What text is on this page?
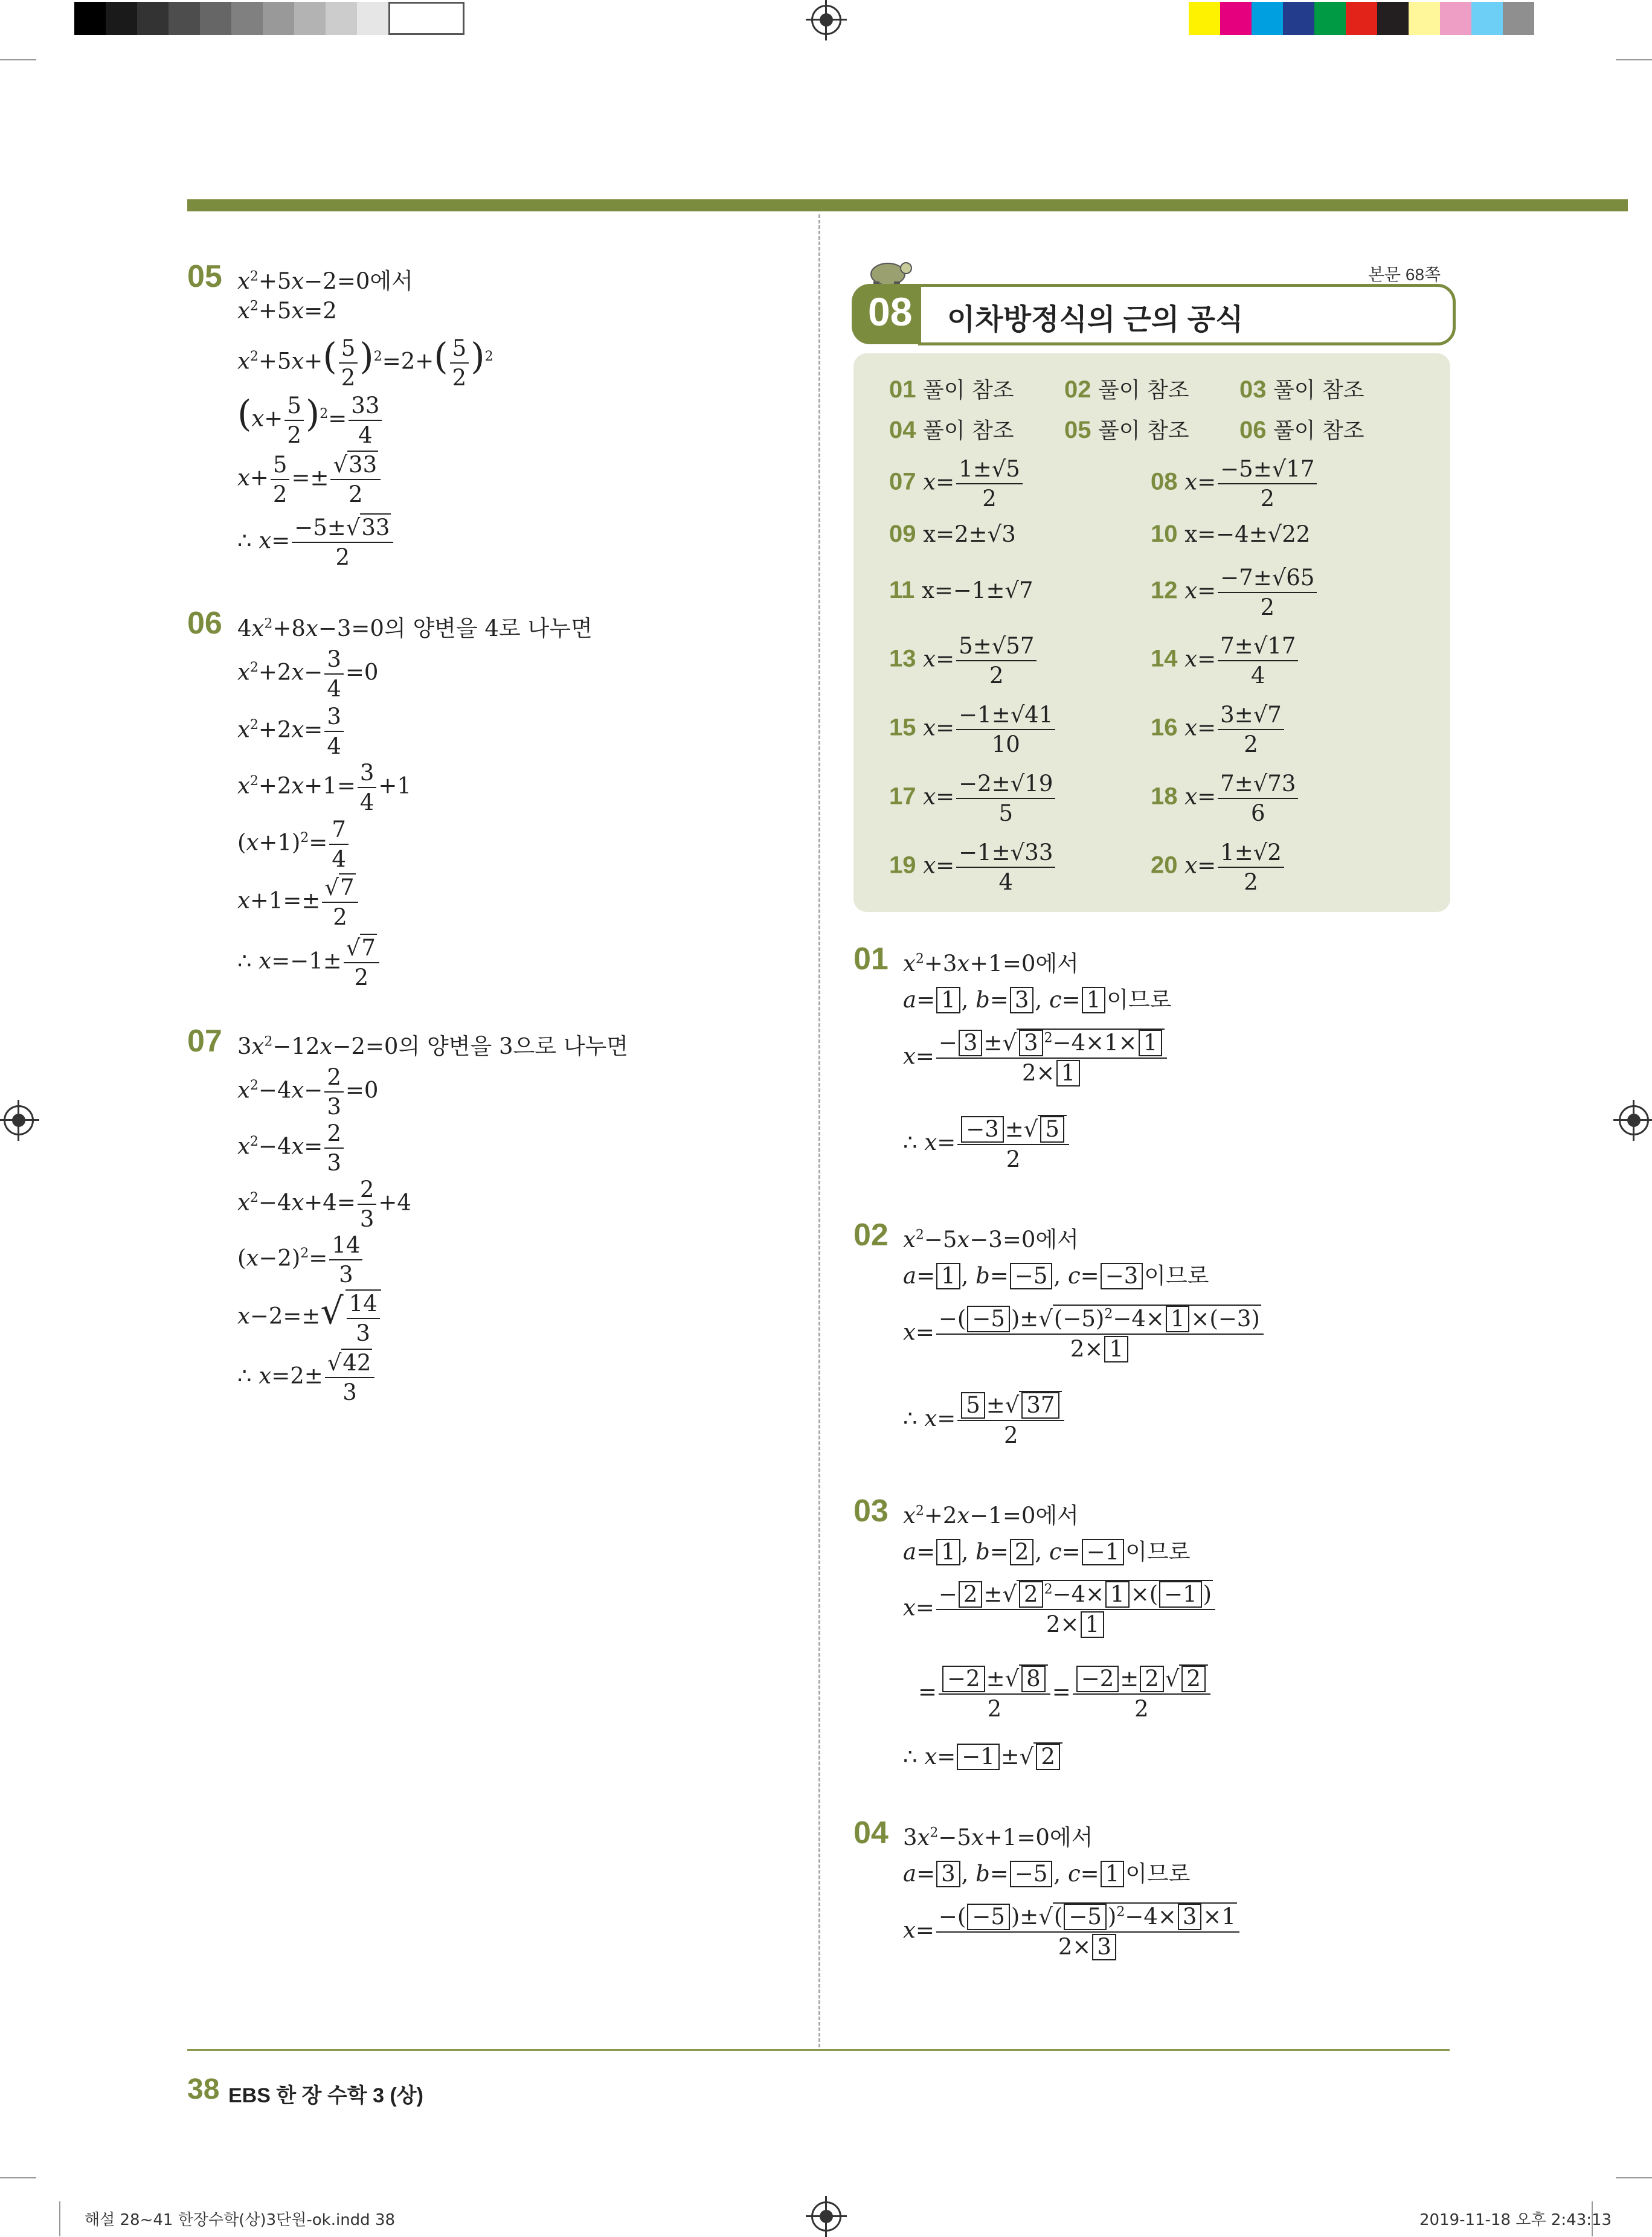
05 $x^2+5x-2=0$에서
$x^2+5x=2$
$x^2+5x+( \frac{5}{2} )^2=2+( \frac{5}{2} )^2$
$(x+ \frac{5}{2} )^2= \frac{33}{4}$
$x+ \frac{5}{2} =\pm \frac{√33}{2}$
∴ $x= \frac{-5\pm√33}{2}$
06 $4x^2+8x-3=0$의 양변을 4로 나누면
$x^2+2x- \frac{3}{4} =0$
$x^2+2x= \frac{3}{4}$
$x^2+2x+1= \frac{3}{4} +1$
$(x+1)^2= \frac{7}{4}$
$x+1=\pm \frac{√7}{2}$
∴ $x=-1\pm \frac{√7}{2}$
07 $3x^2-12x-2=0$의 양변을 3으로 나누면
$x^2-4x- \frac{2}{3} =0$
$x^2-4x= \frac{2}{3}$
$x^2-4x+4= \frac{2}{3} +4$
$(x-2)^2= \frac{14}{3}$
$x-2=\pm√ \frac{14}{3}$
∴ $x=2\pm \frac{√42}{3}$
본문 68쪽
08 이차방정식의 근의 공식
01 풀이 참조 02 풀이 참조 03 풀이 참조
04 풀이 참조 05 풀이 참조 06 풀이 참조
07 $x= \frac{1\pm√5}{2}$	08 $x= \frac{-5\pm√17}{2}$
09 x=2±√3	10 x=−4±√22
11 x=−1±√7	12 $x= \frac{-7\pm√65}{2}$
13 $x= \frac{5\pm√57}{2}$	14 $x= \frac{7\pm√17}{4}$
15 $x= \frac{-1\pm√41}{10}$	16 $x= \frac{3\pm√7}{2}$
17 $x= \frac{-2\pm√19}{5}$	18 $x= \frac{7\pm√73}{6}$
19 $x= \frac{-1\pm√33}{4}$	20 $x= \frac{1\pm√2}{2}$
01 $x^2+3x+1=0$에서
a= 1 , b= 3 , c= 1 이므로
$x= \frac{- 3 \pm√ 3 ^2-4\times 1\times 1}{2\times 1}$
∴ $x= \frac{-3 \pm√ 5}{2}$
02 $x^2-5x-3=0$에서
a= 1 , b= −5 , c= −3 이므로
$x= \frac{-( -5 )\pm√(-5)^2-4\times 1 \times(-3)}{2\times 1}$
∴ $x= \frac{5 \pm√ 37}{2}$
03 $x^2+2x-1=0$에서
a= 1 , b= 2 , c= −1 이므로
$x= \frac{- 2 \pm√ 2 ^2-4\times 1 \times( -1 )}{2\times 1}$
= $\frac{-2 \pm√ 8}{2} = \frac{-2 \pm 2 √ 2}{2}$
∴ x= −1 ±√ 2
04 $3x^2-5x+1=0$에서
a= 3 , b= −5 , c= 1 이므로
$x= \frac{-( -5 )\pm√( -5 )^2-4\times 3 \times 1}{2\times 3}$
38 EBS 한 장 수학 3 (상)
해설 28~41 한장수학(상)3단원-ok.indd 38	2019-11-18 오후 2:43:13
